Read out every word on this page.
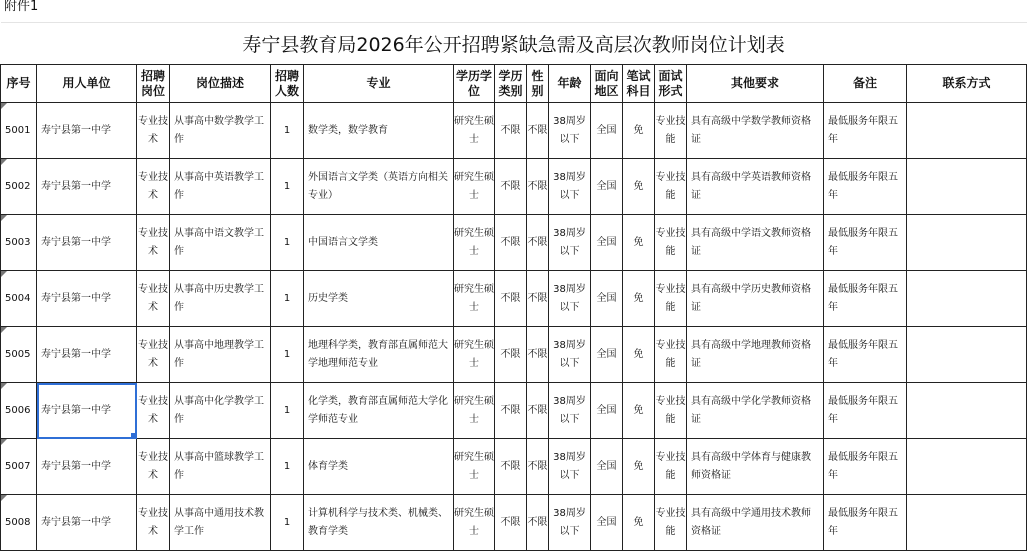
附件1
寿宁县教育局2026年公开招聘紧缺急需及高层次教师岗位计划表															
序号	用人单位	招聘岗位	岗位描述	招聘人数	专业	学历学位	学历类别	性别	年龄	面向地区	笔试科目	面试形式	其他要求	备注	联系方式

5001	寿宁县第一中学	专业技术	从事高中数学教学工作	1	数学类，数学教育	研究生硕士	不限	不限	38周岁以下	全国	免	专业技能	具有高级中学数学教师资格证	最低服务年限五年	

5002	寿宁县第一中学	专业技术	从事高中英语教学工作	1	外国语言文学类（英语方向相关专业）	研究生硕士	不限	不限	38周岁以下	全国	免	专业技能	具有高级中学英语教师资格证	最低服务年限五年	

5003	寿宁县第一中学	专业技术	从事高中语文教学工作	1	中国语言文学类	研究生硕士	不限	不限	38周岁以下	全国	免	专业技能	具有高级中学语文教师资格证	最低服务年限五年	

5004	寿宁县第一中学	专业技术	从事高中历史教学工作	1	历史学类	研究生硕士	不限	不限	38周岁以下	全国	免	专业技能	具有高级中学历史教师资格证	最低服务年限五年	

5005	寿宁县第一中学	专业技术	从事高中地理教学工作	1	地理科学类，教育部直属师范大学地理师范专业	研究生硕士	不限	不限	38周岁以下	全国	免	专业技能	具有高级中学地理教师资格证	最低服务年限五年	

5006	寿宁县第一中学	专业技术	从事高中化学教学工作	1	化学类，教育部直属师范大学化学师范专业	研究生硕士	不限	不限	38周岁以下	全国	免	专业技能	具有高级中学化学教师资格证	最低服务年限五年	

5007	寿宁县第一中学	专业技术	从事高中篮球教学工作	1	体育学类	研究生硕士	不限	不限	38周岁以下	全国	免	专业技能	具有高级中学体育与健康教师资格证	最低服务年限五年	

5008	寿宁县第一中学	专业技术	从事高中通用技术教学工作	1	计算机科学与技术类、机械类、教育学类	研究生硕士	不限	不限	38周岁以下	全国	免	专业技能	具有高级中学通用技术教师资格证	最低服务年限五年	
